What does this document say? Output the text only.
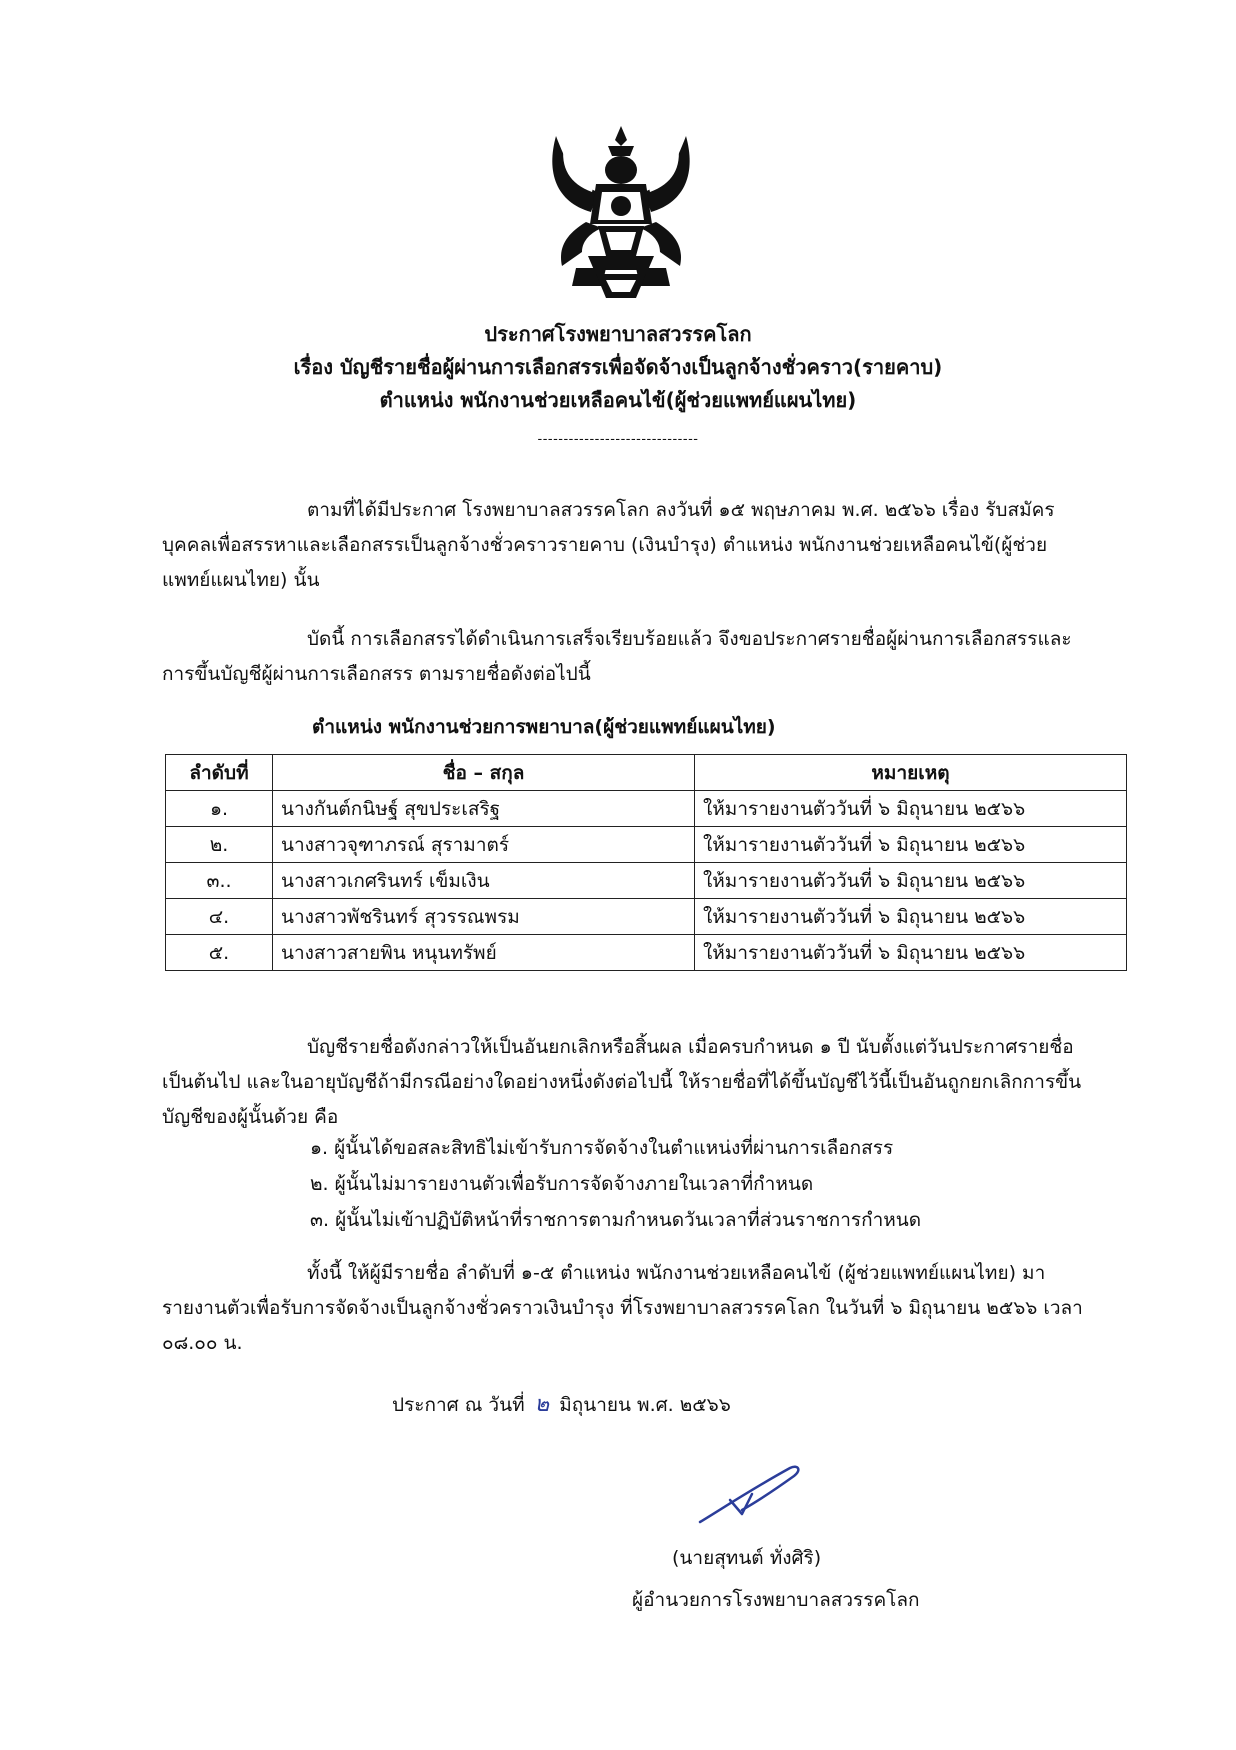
ประกาศโรงพยาบาลสวรรคโลก
เรื่อง บัญชีรายชื่อผู้ผ่านการเลือกสรรเพื่อจัดจ้างเป็นลูกจ้างชั่วคราว(รายคาบ)
ตำแหน่ง พนักงานช่วยเหลือคนไข้(ผู้ช่วยแพทย์แผนไทย)
-------------------------------
ตามที่ได้มีประกาศ โรงพยาบาลสวรรคโลก ลงวันที่ ๑๕ พฤษภาคม พ.ศ. ๒๕๖๖ เรื่อง รับสมัครบุคคลเพื่อสรรหาและเลือกสรรเป็นลูกจ้างชั่วคราวรายคาบ (เงินบำรุง) ตำแหน่ง พนักงานช่วยเหลือคนไข้(ผู้ช่วยแพทย์แผนไทย) นั้น
บัดนี้ การเลือกสรรได้ดำเนินการเสร็จเรียบร้อยแล้ว จึงขอประกาศรายชื่อผู้ผ่านการเลือกสรรและการขึ้นบัญชีผู้ผ่านการเลือกสรร ตามรายชื่อดังต่อไปนี้
ตำแหน่ง พนักงานช่วยการพยาบาล(ผู้ช่วยแพทย์แผนไทย)
ลำดับที่	ชื่อ – สกุล	หมายเหตุ
๑.	นางกันต์กนิษฐ์ สุขประเสริฐ	ให้มารายงานตัววันที่ ๖ มิถุนายน ๒๕๖๖
๒.	นางสาวจุฑาภรณ์ สุรามาตร์	ให้มารายงานตัววันที่ ๖ มิถุนายน ๒๕๖๖
๓..	นางสาวเกศรินทร์ เข็มเงิน	ให้มารายงานตัววันที่ ๖ มิถุนายน ๒๕๖๖
๔.	นางสาวพัชรินทร์ สุวรรณพรม	ให้มารายงานตัววันที่ ๖ มิถุนายน ๒๕๖๖
๕.	นางสาวสายพิน หนุนทรัพย์	ให้มารายงานตัววันที่ ๖ มิถุนายน ๒๕๖๖
บัญชีรายชื่อดังกล่าวให้เป็นอันยกเลิกหรือสิ้นผล เมื่อครบกำหนด ๑ ปี นับตั้งแต่วันประกาศรายชื่อเป็นต้นไป และในอายุบัญชีถ้ามีกรณีอย่างใดอย่างหนึ่งดังต่อไปนี้ ให้รายชื่อที่ได้ขึ้นบัญชีไว้นี้เป็นอันถูกยกเลิกการขึ้นบัญชีของผู้นั้นด้วย คือ
๑. ผู้นั้นได้ขอสละสิทธิไม่เข้ารับการจัดจ้างในตำแหน่งที่ผ่านการเลือกสรร
๒. ผู้นั้นไม่มารายงานตัวเพื่อรับการจัดจ้างภายในเวลาที่กำหนด
๓. ผู้นั้นไม่เข้าปฏิบัติหน้าที่ราชการตามกำหนดวันเวลาที่ส่วนราชการกำหนด
ทั้งนี้ ให้ผู้มีรายชื่อ ลำดับที่ ๑-๕ ตำแหน่ง พนักงานช่วยเหลือคนไข้ (ผู้ช่วยแพทย์แผนไทย) มารายงานตัวเพื่อรับการจัดจ้างเป็นลูกจ้างชั่วคราวเงินบำรุง ที่โรงพยาบาลสวรรคโลก ในวันที่ ๖ มิถุนายน ๒๕๖๖ เวลา ๐๘.๐๐ น.
ประกาศ ณ วันที่ ๒ มิถุนายน พ.ศ. ๒๕๖๖
(นายสุทนต์ ทั่งศิริ)
ผู้อำนวยการโรงพยาบาลสวรรคโลก
